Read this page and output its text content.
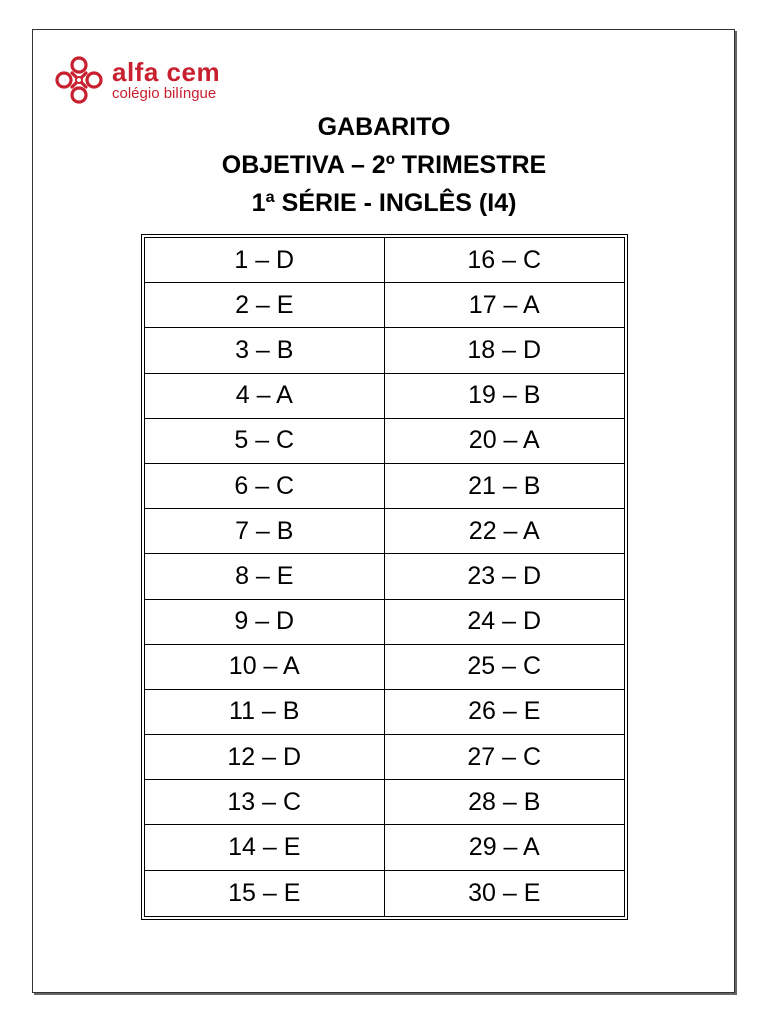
alfa cem
colégio bilíngue
GABARITO
OBJETIVA – 2º TRIMESTRE
1ª SÉRIE - INGLÊS (I4)
1 – D	16 – C
2 – E	17 – A
3 – B	18 – D
4 – A	19 – B
5 – C	20 – A
6 – C	21 – B
7 – B	22 – A
8 – E	23 – D
9 – D	24 – D
10 – A	25 – C
11 – B	26 – E
12 – D	27 – C
13 – C	28 – B
14 – E	29 – A
15 – E	30 – E
